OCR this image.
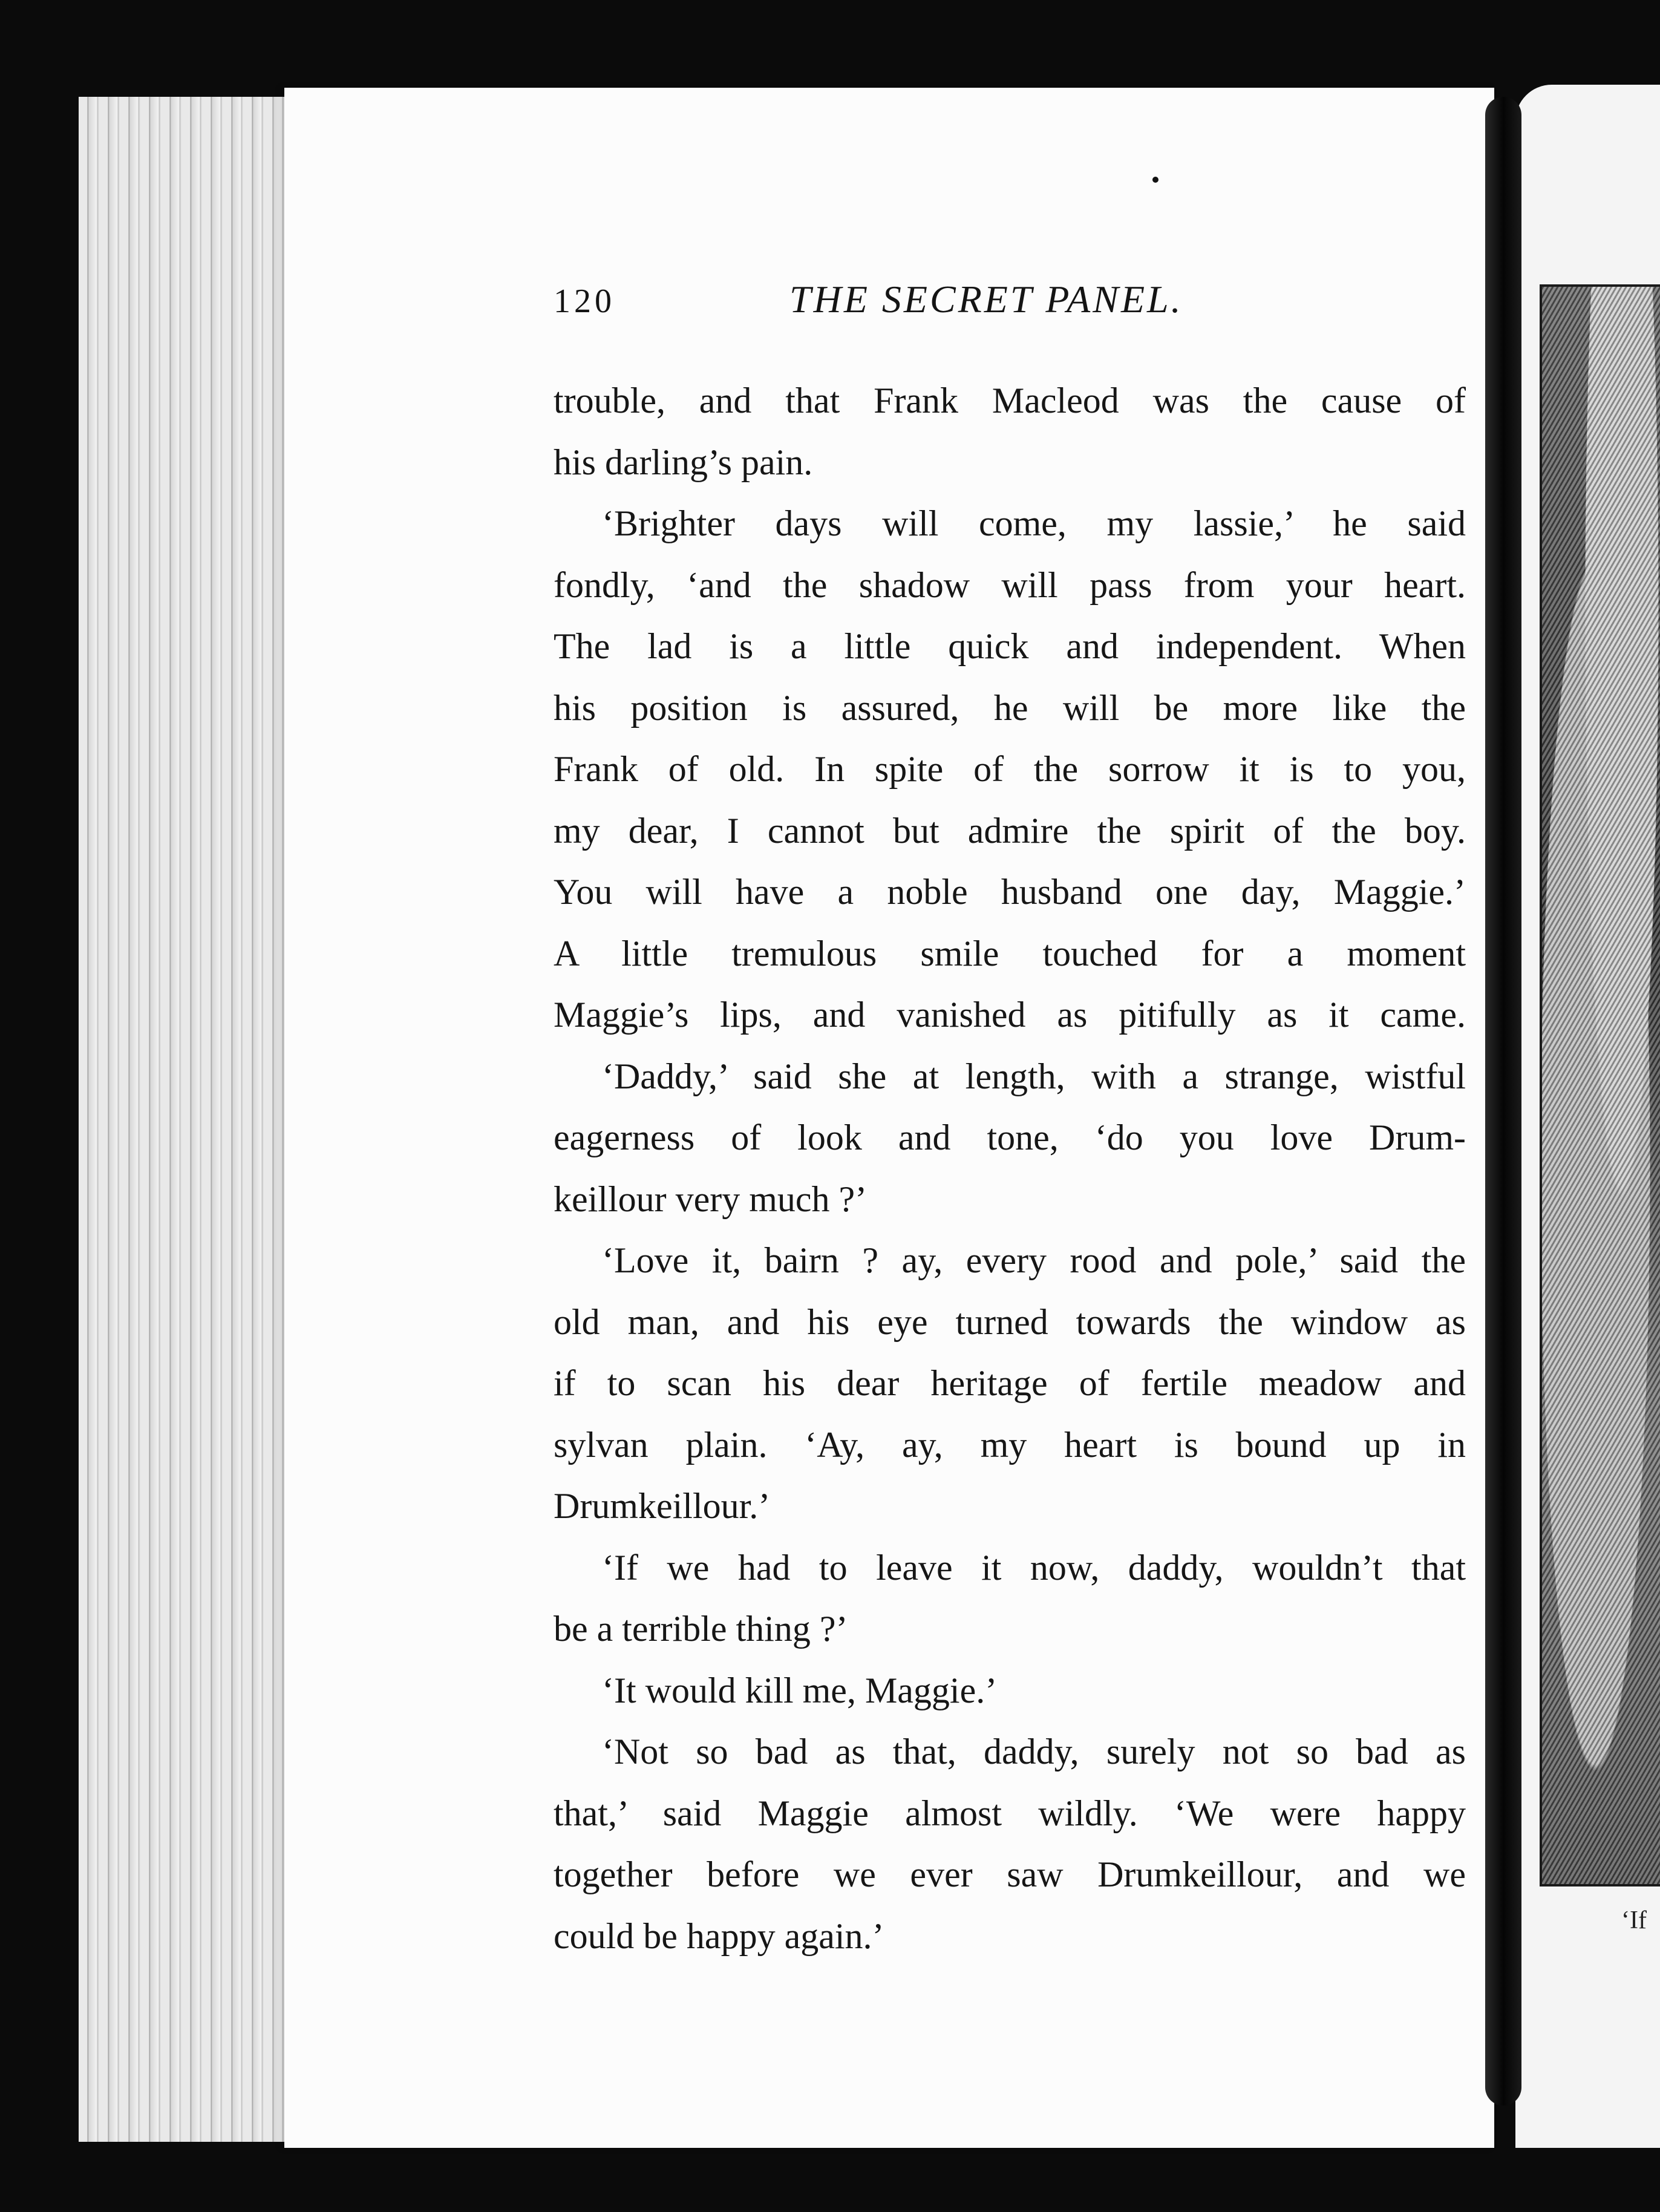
‘If
120	THE SECRET PANEL.
trouble, and that Frank Macleod was the cause of
his darling’s pain.
‘Brighter days will come, my lassie,’ he said
fondly, ‘and the shadow will pass from your heart.
The lad is a little quick and independent. When
his position is assured, he will be more like the
Frank of old. In spite of the sorrow it is to you,
my dear, I cannot but admire the spirit of the boy.
You will have a noble husband one day, Maggie.’
A little tremulous smile touched for a moment
Maggie’s lips, and vanished as pitifully as it came.
‘Daddy,’ said she at length, with a strange, wistful
eagerness of look and tone, ‘do you love Drum-
keillour very much ?’
‘Love it, bairn ? ay, every rood and pole,’ said the
old man, and his eye turned towards the window as
if to scan his dear heritage of fertile meadow and
sylvan plain. ‘Ay, ay, my heart is bound up in
Drumkeillour.’
‘If we had to leave it now, daddy, wouldn’t that
be a terrible thing ?’
‘It would kill me, Maggie.’
‘Not so bad as that, daddy, surely not so bad as
that,’ said Maggie almost wildly. ‘We were happy
together before we ever saw Drumkeillour, and we
could be happy again.’
